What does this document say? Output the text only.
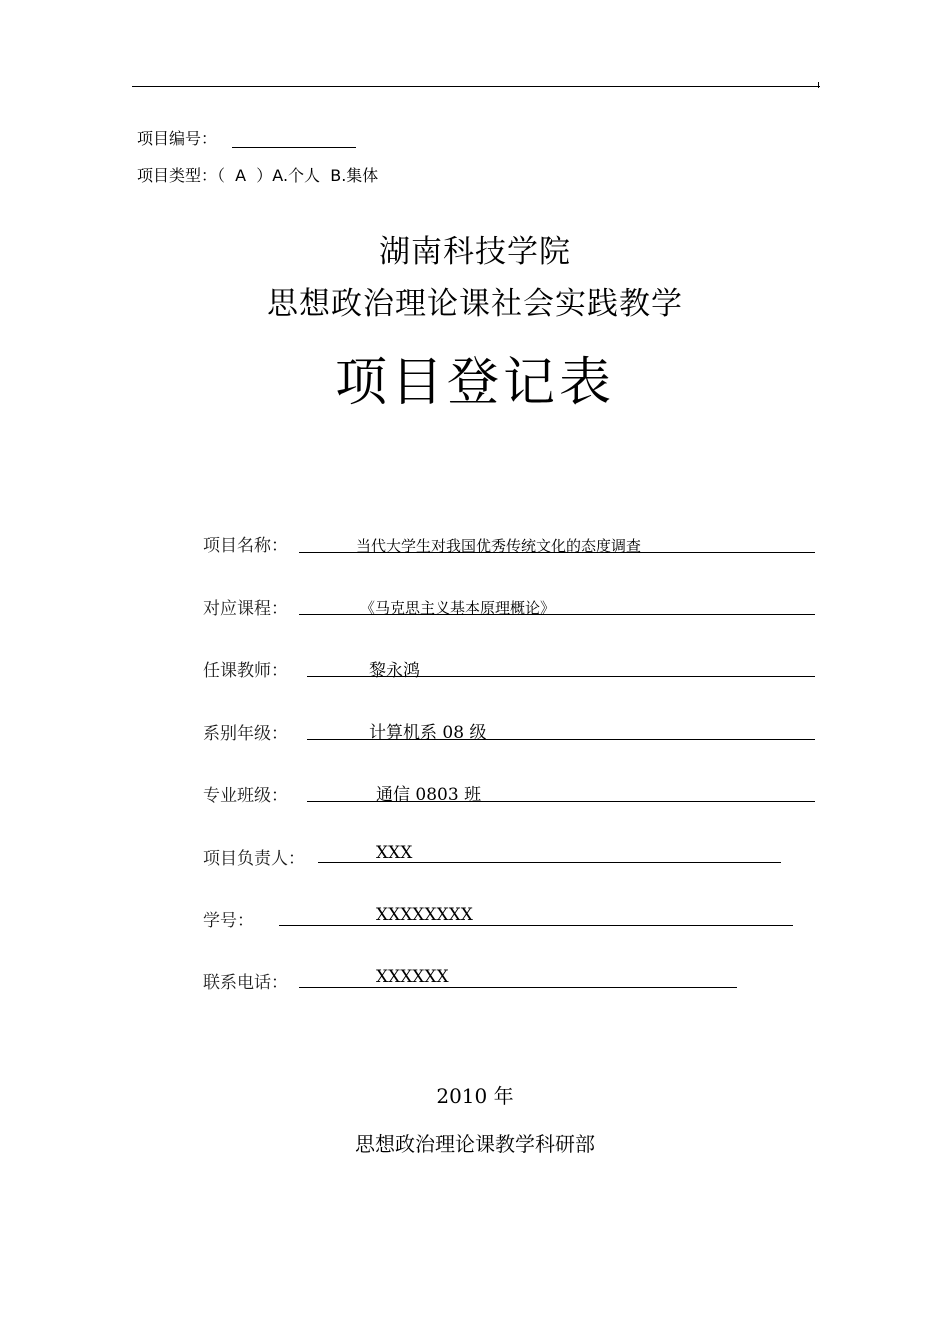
项目编号：
项目类型：（  A  ）A.个人  B.集体
湖南科技学院
思想政治理论课社会实践教学
项目登记表
项目名称：	当代大学生对我国优秀传统文化的态度调查
对应课程：	《马克思主义基本原理概论》
任课教师：	黎永鸿
系别年级：	计算机系 08 级
专业班级：	通信 0803 班
项目负责人：	XXX
学号：	XXXXXXXX
联系电话：	XXXXXX
2010 年
思想政治理论课教学科研部
